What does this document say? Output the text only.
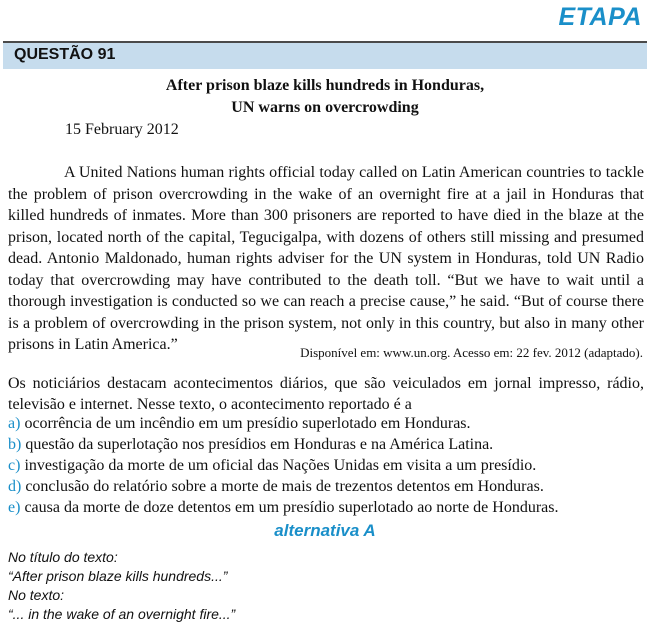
ETAPA
QUESTÃO 91
After prison blaze kills hundreds in Honduras,
UN warns on overcrowding
15 February 2012

A United Nations human rights official today called on Latin American countries to tackle the problem of prison overcrowding in the wake of an overnight fire at a jail in Honduras that killed hundreds of inmates. More than 300 prisoners are reported to have died in the blaze at the prison, located north of the capital, Tegucigalpa, with dozens of others still missing and presumed dead. Antonio Maldonado, human rights adviser for the UN system in Honduras, told UN Radio today that overcrowding may have contributed to the death toll. “But we have to wait until a thorough investigation is conducted so we can reach a precise cause,” he said. “But of course there is a problem of overcrowding in the prison system, not only in this country, but also in many other prisons in Latin America.”	Disponível em: www.un.org. Acesso em: 22 fev. 2012 (adaptado).

Os noticiários destacam acontecimentos diários, que são veiculados em jornal impresso, rádio, televisão e internet. Nesse texto, o acontecimento reportado é a

a) ocorrência de um incêndio em um presídio superlotado em Honduras.
b) questão da superlotação nos presídios em Honduras e na América Latina.
c) investigação da morte de um oficial das Nações Unidas em visita a um presídio.
d) conclusão do relatório sobre a morte de mais de trezentos detentos em Honduras.
e) causa da morte de doze detentos em um presídio superlotado ao norte de Honduras.
alternativa A
No título do texto:
“After prison blaze kills hundreds...”
No texto:
“... in the wake of an overnight fire...”
